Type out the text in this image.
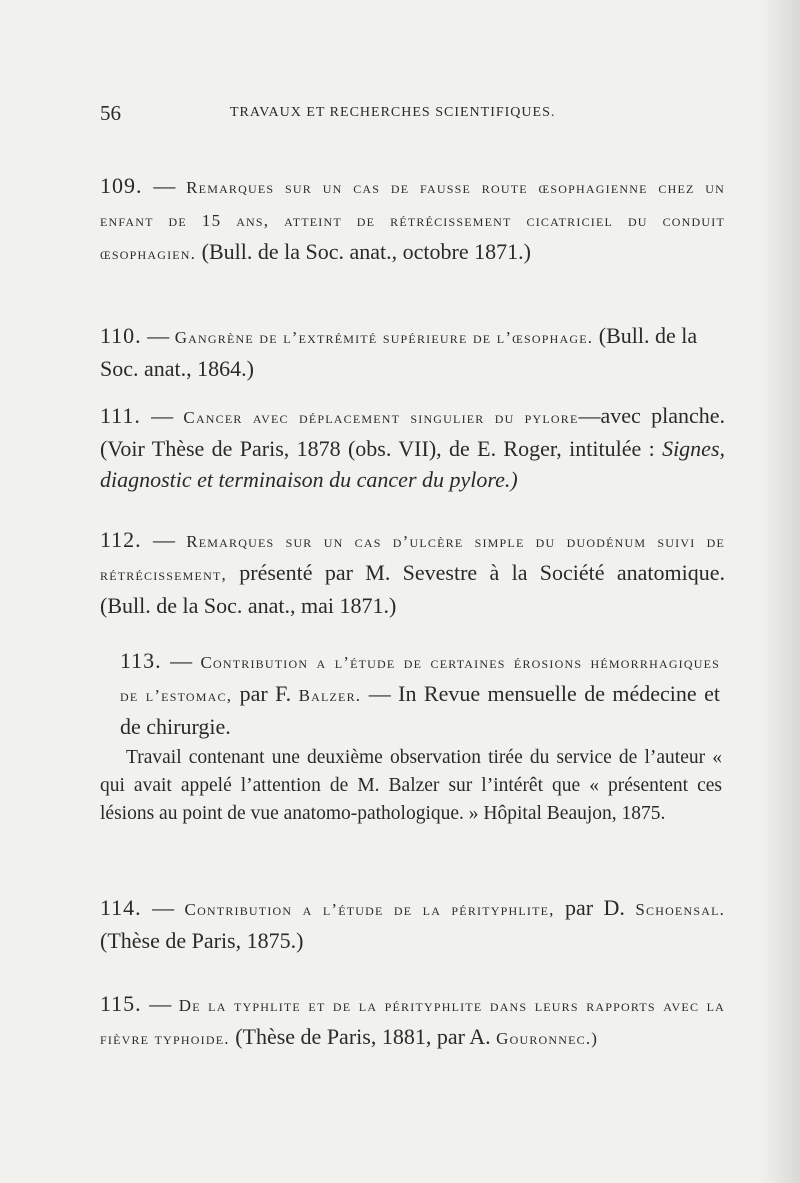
56	TRAVAUX ET RECHERCHES SCIENTIFIQUES.
109. — Remarques sur un cas de fausse route œsophagienne chez un enfant de 15 ans, atteint de rétrécissement cicatriciel du conduit œsophagien. (Bull. de la Soc. anat., octobre 1871.)
110. — Gangrène de l’extrémité supérieure de l’œsophage. (Bull. de la Soc. anat., 1864.)
111. — Cancer avec déplacement singulier du pylore—avec planche. (Voir Thèse de Paris, 1878 (obs. VII), de E. Roger, intitulée : Signes, diagnostic et terminaison du cancer du pylore.)
112. — Remarques sur un cas d’ulcère simple du duodénum suivi de rétrécissement, présenté par M. Sevestre à la Société anatomique. (Bull. de la Soc. anat., mai 1871.)
113. — Contribution a l’étude de certaines érosions hémorrhagiques de l’estomac, par F. Balzer. — In Revue mensuelle de médecine et de chirurgie.
Travail contenant une deuxième observation tirée du service de l’auteur « qui avait appelé l’attention de M. Balzer sur l’intérêt que « présentent ces lésions au point de vue anatomo-pathologique. » Hôpital Beaujon, 1875.
114. — Contribution a l’étude de la pérityphlite, par D. Schoensal. (Thèse de Paris, 1875.)
115. — De la typhlite et de la pérityphlite dans leurs rapports avec la fièvre typhoide. (Thèse de Paris, 1881, par A. Gouronnec.)
